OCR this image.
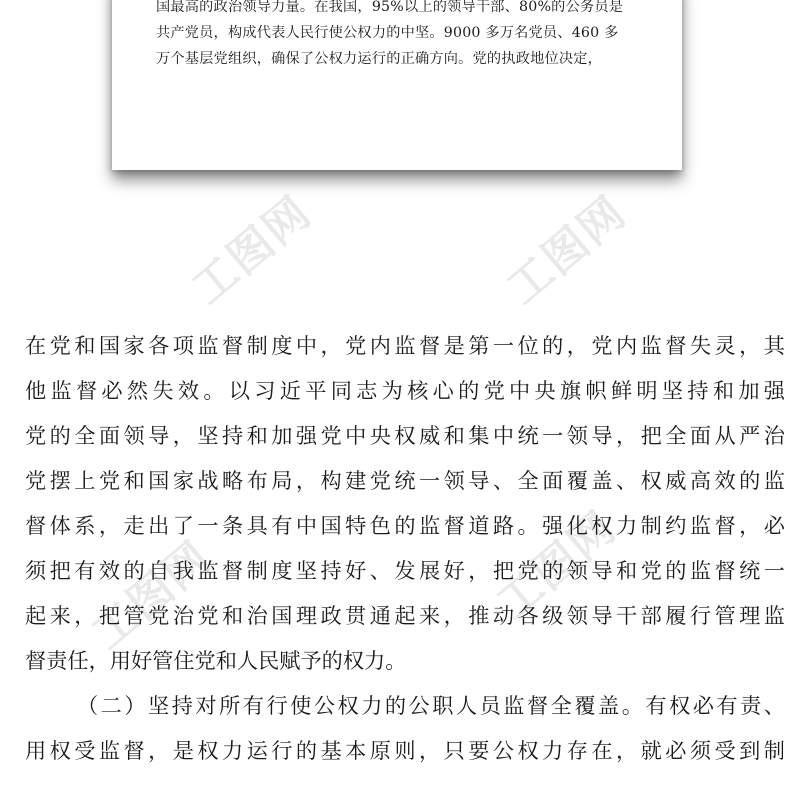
国最高的政治领导力量。在我国，95%以上的领导干部、80%的公务员是
共产党员，构成代表人民行使公权力的中坚。9000 多万名党员、460 多
万个基层党组织，确保了公权力运行的正确方向。党的执政地位决定，
工图网	工图网
工图网	工图网
在党和国家各项监督制度中，党内监督是第一位的，党内监督失灵，其
他监督必然失效。以习近平同志为核心的党中央旗帜鲜明坚持和加强
党的全面领导，坚持和加强党中央权威和集中统一领导，把全面从严治
党摆上党和国家战略布局，构建党统一领导、全面覆盖、权威高效的监
督体系，走出了一条具有中国特色的监督道路。强化权力制约监督，必
须把有效的自我监督制度坚持好、发展好，把党的领导和党的监督统一
起来，把管党治党和治国理政贯通起来，推动各级领导干部履行管理监
督责任，用好管住党和人民赋予的权力。
（二）坚持对所有行使公权力的公职人员监督全覆盖。有权必有责、
用权受监督，是权力运行的基本原则，只要公权力存在，就必须受到制
